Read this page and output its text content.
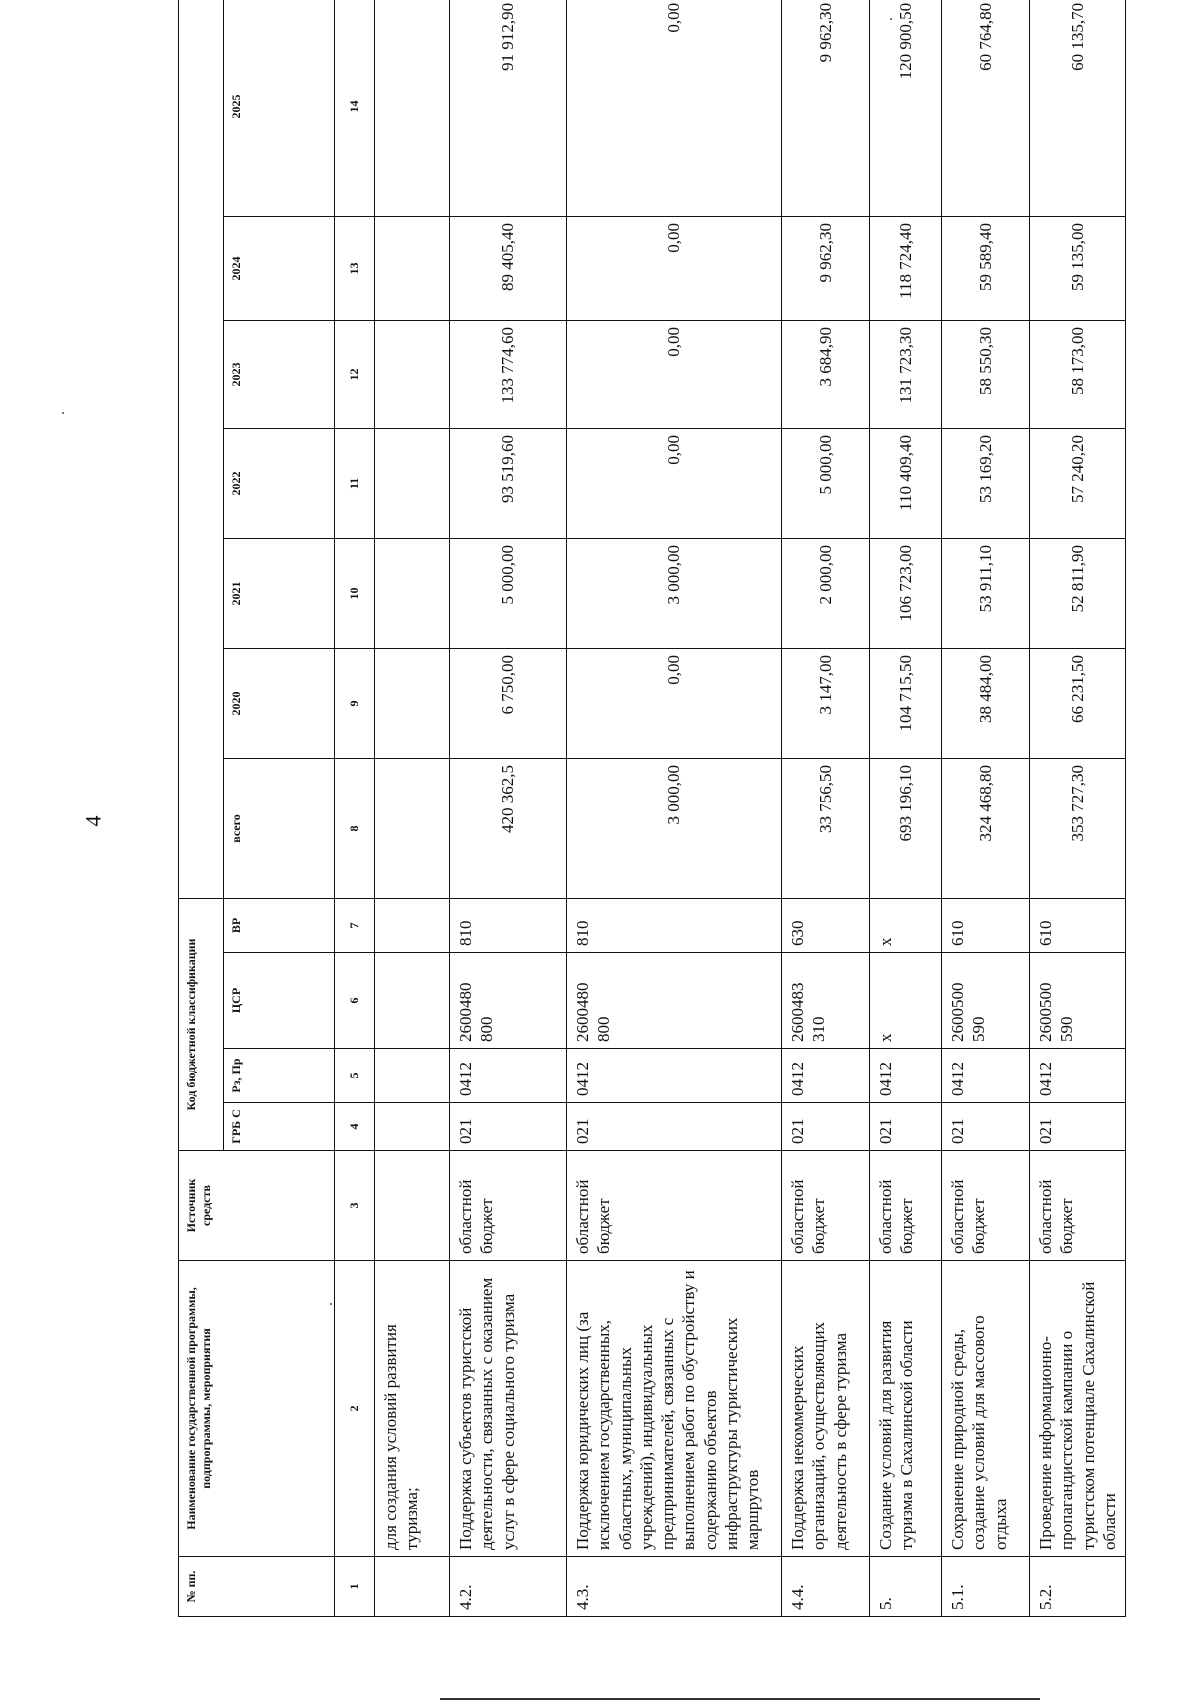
4
№ пп.	Наименование государственной программы, подпрограммы, мероприятия	Источник средств	Код бюджетной классификации										
			ГРБ С	Рз, Пр	ЦСР	ВР	всего	2020	2021	2022	2023	2024	2025
1	2	3	4	5	6	7	8	9	10	11	12	13	14
	для создания условий развития туризма;												
4.2.	Поддержка субъектов туристской деятельности, связанных с оказанием услуг в сфере социального туризма	областной бюджет	021	0412	2600480 800	810	420 362,5	6 750,00	5 000,00	93 519,60	133 774,60	89 405,40	91 912,90
4.3.	Поддержка юридических лиц (за исключением государственных, областных, муниципальных учреждений), индивидуальных предпринимателей, связанных с выполнением работ по обустройству и содержанию объектов инфраструктуры туристических маршрутов	областной бюджет	021	0412	2600480 800	810	3 000,00	0,00	3 000,00	0,00	0,00	0,00	0,00
4.4.	Поддержка некоммерческих организаций, осуществляющих деятельность в сфере туризма	областной бюджет	021	0412	2600483 310	630	33 756,50	3 147,00	2 000,00	5 000,00	3 684,90	9 962,30	9 962,30
5.	Создание условий для развития туризма в Сахалинской области	областной бюджет	021	0412	х	х	693 196,10	104 715,50	106 723,00	110 409,40	131 723,30	118 724,40	120 900,50
5.1.	Сохранение природной среды, создание условий для массового отдыха	областной бюджет	021	0412	2600500 590	610	324 468,80	38 484,00	53 911,10	53 169,20	58 550,30	59 589,40	60 764,80
5.2.	Проведение информационно-пропагандистской кампании о туристском потенциале Сахалинской области	областной бюджет	021	0412	2600500 590	610	353 727,30	66 231,50	52 811,90	57 240,20	58 173,00	59 135,00	60 135,70
